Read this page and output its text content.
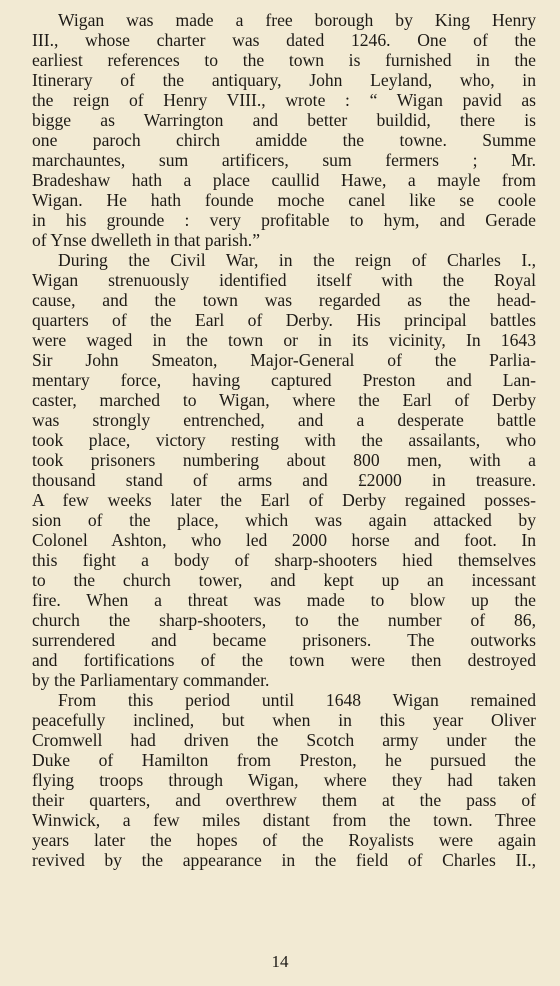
Wigan was made a free borough by King Henry
III., whose charter was dated 1246. One of the
earliest references to the town is furnished in the
Itinerary of the antiquary, John Leyland, who, in
the reign of Henry VIII., wrote : “ Wigan pavid as
bigge as Warrington and better buildid, there is
one paroch chirch amidde the towne. Summe
marchauntes, sum artificers, sum fermers ; Mr.
Bradeshaw hath a place caullid Hawe, a mayle from
Wigan. He hath founde moche canel like se coole
in his grounde : very profitable to hym, and Gerade
of Ynse dwelleth in that parish.”

During the Civil War, in the reign of Charles I.,
Wigan strenuously identified itself with the Royal
cause, and the town was regarded as the head-
quarters of the Earl of Derby. His principal battles
were waged in the town or in its vicinity, In 1643
Sir John Smeaton, Major-General of the Parlia-
mentary force, having captured Preston and Lan-
caster, marched to Wigan, where the Earl of Derby
was strongly entrenched, and a desperate battle
took place, victory resting with the assailants, who
took prisoners numbering about 800 men, with a
thousand stand of arms and £2000 in treasure.
A few weeks later the Earl of Derby regained posses-
sion of the place, which was again attacked by
Colonel Ashton, who led 2000 horse and foot. In
this fight a body of sharp-shooters hied themselves
to the church tower, and kept up an incessant
fire. When a threat was made to blow up the
church the sharp-shooters, to the number of 86,
surrendered and became prisoners. The outworks
and fortifications of the town were then destroyed
by the Parliamentary commander.

From this period until 1648 Wigan remained
peacefully inclined, but when in this year Oliver
Cromwell had driven the Scotch army under the
Duke of Hamilton from Preston, he pursued the
flying troops through Wigan, where they had taken
their quarters, and overthrew them at the pass of
Winwick, a few miles distant from the town. Three
years later the hopes of the Royalists were again
revived by the appearance in the field of Charles II.,

14
